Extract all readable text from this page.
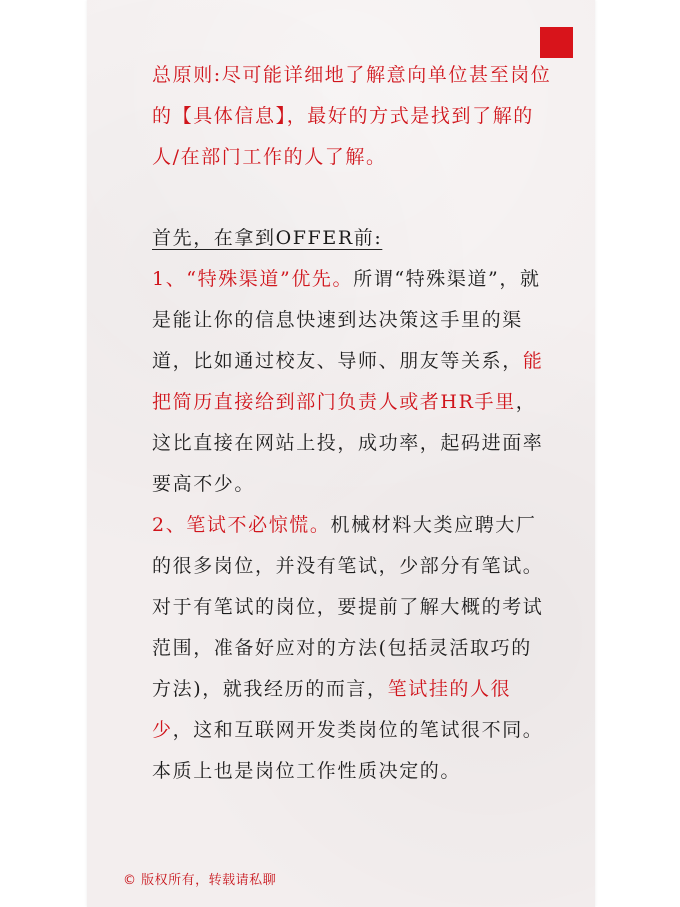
总原则:尽可能详细地了解意向单位甚至岗位的【具体信息】，最好的方式是找到了解的人/在部门工作的人了解。

首先，在拿到OFFER前:

1、“特殊渠道”优先。所谓“特殊渠道”，就是能让你的信息快速到达决策这手里的渠道，比如通过校友、导师、朋友等关系，能把简历直接给到部门负责人或者HR手里，这比直接在网站上投，成功率，起码进面率要高不少。

2、笔试不必惊慌。机械材料大类应聘大厂的很多岗位，并没有笔试，少部分有笔试。对于有笔试的岗位，要提前了解大概的考试范围，准备好应对的方法(包括灵活取巧的方法)，就我经历的而言，笔试挂的人很少，这和互联网开发类岗位的笔试很不同。本质上也是岗位工作性质决定的。

© 版权所有，转载请私聊
